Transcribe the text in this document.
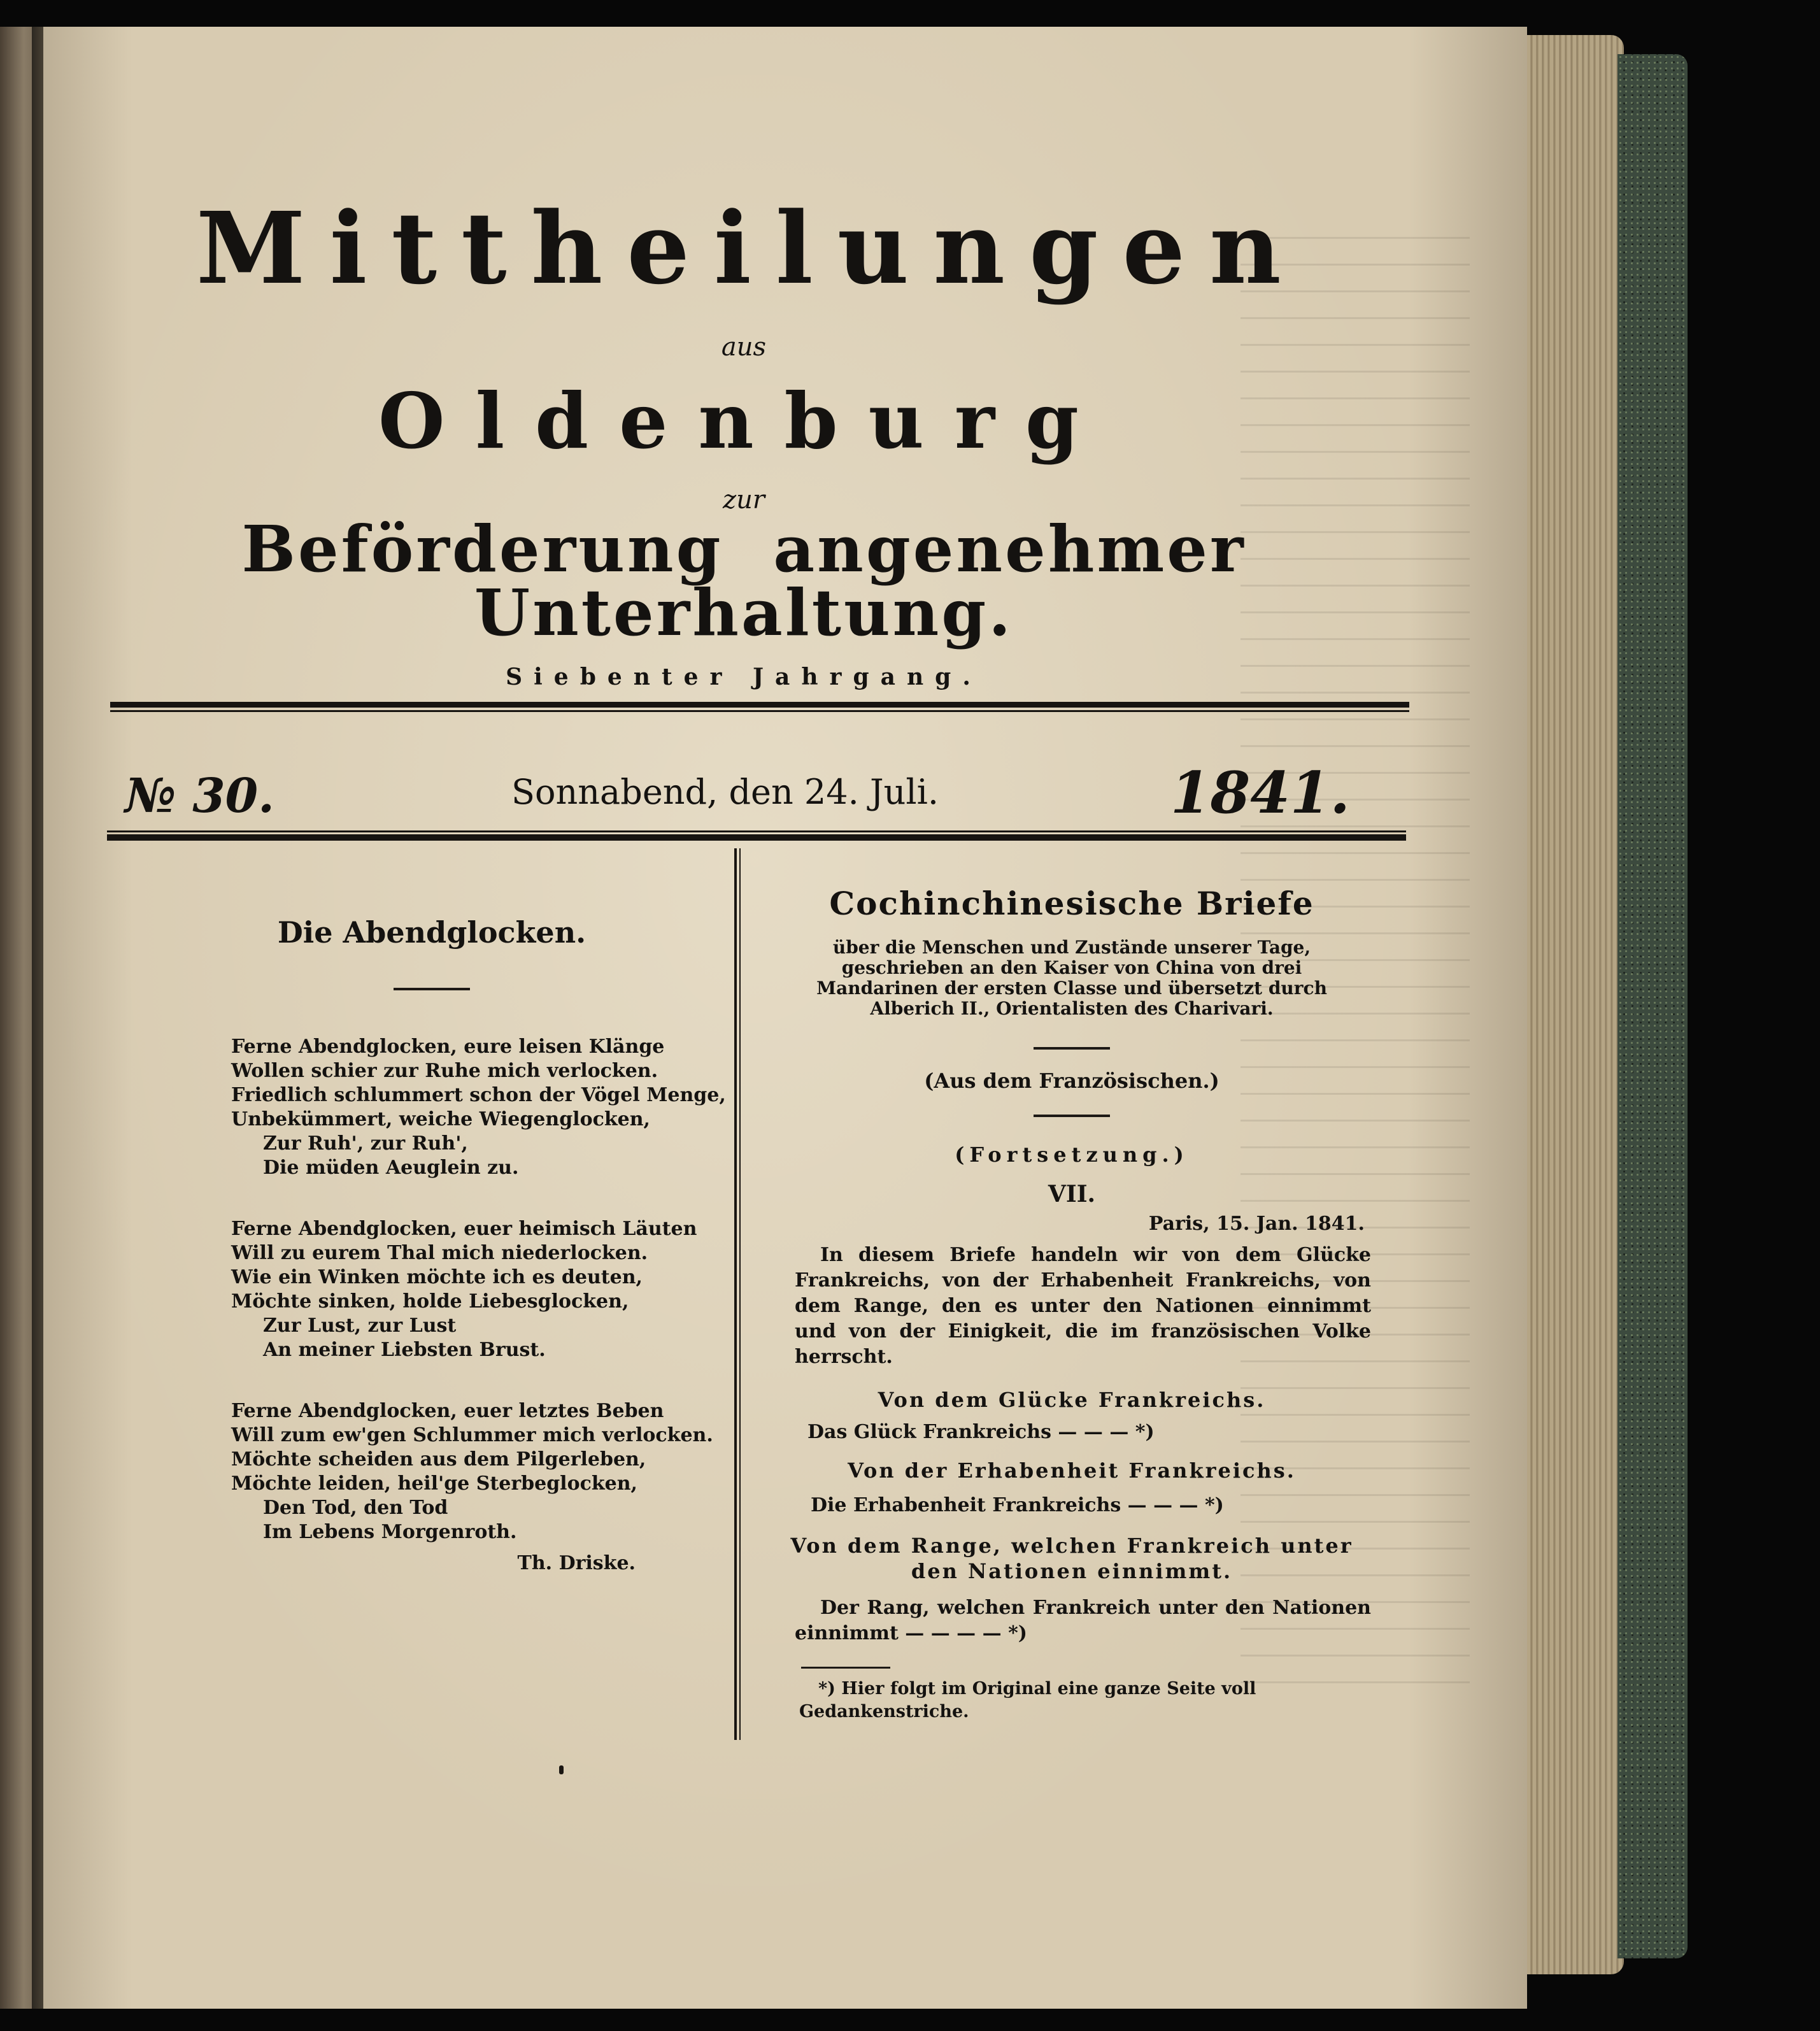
Mittheilungen
aus
Oldenburg
zur
Beförderung angenehmer Unterhaltung.
Siebenter Jahrgang.
№ 30.	Sonnabend, den 24. Juli.	1841.
Die Abendglocken.
Ferne Abendglocken, eure leisen Klänge
Wollen schier zur Ruhe mich verlocken.
Friedlich schlummert schon der Vögel Menge,
Unbekümmert, weiche Wiegenglocken,
Zur Ruh', zur Ruh',
Die müden Aeuglein zu.
Ferne Abendglocken, euer heimisch Läuten
Will zu eurem Thal mich niederlocken.
Wie ein Winken möchte ich es deuten,
Möchte sinken, holde Liebesglocken,
Zur Lust, zur Lust
An meiner Liebsten Brust.
Ferne Abendglocken, euer letztes Beben
Will zum ew'gen Schlummer mich verlocken.
Möchte scheiden aus dem Pilgerleben,
Möchte leiden, heil'ge Sterbeglocken,
Den Tod, den Tod
Im Lebens Morgenroth.
Th. Driske.
Cochinchinesische Briefe
über die Menschen und Zustände unserer Tage, geschrieben an den Kaiser von China von drei Mandarinen der ersten Classe und übersetzt durch Alberich II., Orientalisten des Charivari.
(Aus dem Französischen.)
(Fortsetzung.)
VII.
Paris, 15. Jan. 1841.
In diesem Briefe handeln wir von dem Glücke Frankreichs, von der Erhabenheit Frankreichs, von dem Range, den es unter den Nationen einnimmt und von der Einigkeit, die im französischen Volke herrscht.
Von dem Glücke Frankreichs.
Das Glück Frankreichs — — — *)
Von der Erhabenheit Frankreichs.
Die Erhabenheit Frankreichs — — — *)
Von dem Range, welchen Frankreich unter den Nationen einnimmt.
Der Rang, welchen Frankreich unter den Nationen einnimmt — — — — *)
*) Hier folgt im Original eine ganze Seite voll Gedankenstriche.
